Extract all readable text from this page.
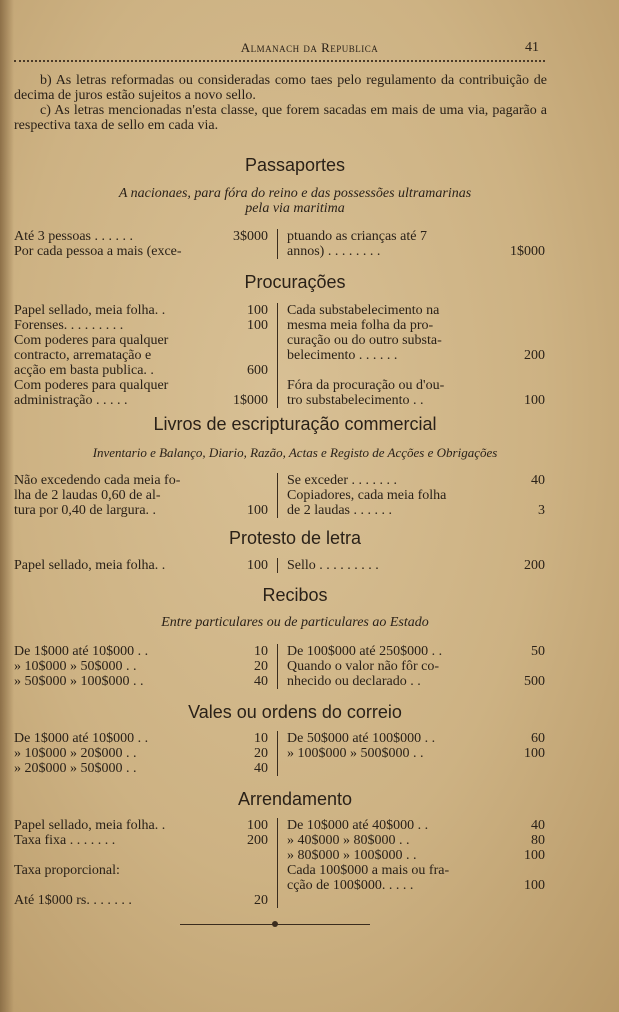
Almanach da Republica	41
b) As letras reformadas ou consideradas como taes pelo regulamento da contribuição de decima de juros estão sujeitos a novo sello.
c) As letras mencionadas n'esta classe, que forem sacadas em mais de uma via, pagarão a respectiva taxa de sello em cada via.
Passaportes
A nacionaes, para fóra do reino e das possessões ultramarinas
pela via maritima
Até 3 pessoas . . . . . .	3$000
Por cada pessoa a mais (exce-
ptuando as crianças até 7
annos) . . . . . . . .	1$000
Procurações
Papel sellado, meia folha. .	100
Forenses. . . . . . . . .	100
Com poderes para qualquer
contracto, arrematação e
acção em basta publica. .	600
Com poderes para qualquer
administração . . . . .	1$000
Cada substabelecimento na
mesma meia folha da pro-
curação ou do outro substa-
belecimento . . . . . .	200
Fóra da procuração ou d'ou-
tro substabelecimento . .	100
Livros de escripturação commercial
Inventario e Balanço, Diario, Razão, Actas e Registo de Acções e Obrigações
Não excedendo cada meia fo-
lha de 2 laudas 0,60 de al-
tura por 0,40 de largura. .	100
Se exceder . . . . . . .	40
Copiadores, cada meia folha
de 2 laudas . . . . . .	3
Protesto de letra
Papel sellado, meia folha. .	100 Sello . . . . . . . . .	200
Recibos
Entre particulares ou de particulares ao Estado
De 1$000 até 10$000 . .	10
» 10$000 » 50$000 . .	20
» 50$000 » 100$000 . .	40
De 100$000 até 250$000 . .	50
Quando o valor não fôr co-
nhecido ou declarado . .	500
Vales ou ordens do correio
De 1$000 até 10$000 . .	10
» 10$000 » 20$000 . .	20
» 20$000 » 50$000 . .	40
De 50$000 até 100$000 . .	60
» 100$000 » 500$000 . .	100
Arrendamento
Papel sellado, meia folha. .	100
Taxa fixa . . . . . . .	200
Taxa proporcional:
Até 1$000 rs. . . . . . .	20
De 10$000 até 40$000 . .	40
» 40$000 » 80$000 . .	80
» 80$000 » 100$000 . .	100
Cada 100$000 a mais ou fra-
cção de 100$000. . . . .	100
